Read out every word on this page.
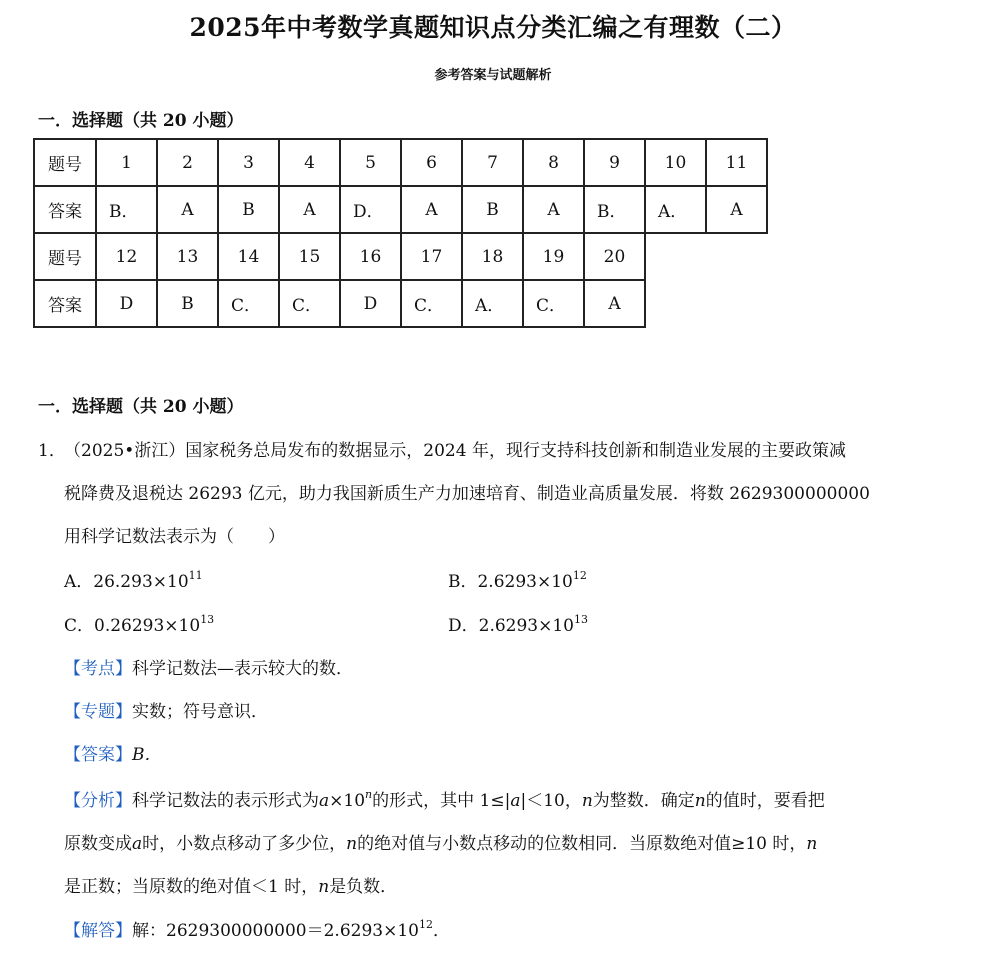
2025年中考数学真题知识点分类汇编之有理数（二）
参考答案与试题解析
一．选择题（共 20 小题）
题号	1	2	3	4	5	6	7	8	9	10	11
答案	B．	A	B	A	D．	A	B	A	B．	A．	A
题号	12	13	14	15	16	17	18	19	20		
答案	D	B	C．	C．	D	C．	A．	C．	A		
一．选择题（共 20 小题）
1．（2025•浙江）国家税务总局发布的数据显示，2024 年，现行支持科技创新和制造业发展的主要政策减
税降费及退税达 26293 亿元，助力我国新质生产力加速培育、制造业高质量发展．将数 2629300000000
用科学记数法表示为（　　）
A．$26.293\times 10^{11}$	B．$2.6293\times 10^{12}$
C．$0.26293\times 10^{13}$	D．$2.6293\times 10^{13}$
【考点】科学记数法—表示较大的数．
【专题】实数；符号意识．
【答案】B．
【分析】科学记数法的表示形式为$a\times 10^n$的形式，其中 1≤|a|＜10，n为整数．确定n的值时，要看把
原数变成a时，小数点移动了多少位，n的绝对值与小数点移动的位数相同．当原数绝对值≥10 时，n
是正数；当原数的绝对值＜1 时，n是负数．
【解答】解：$2629300000000=2.6293\times 10^{12}$．
